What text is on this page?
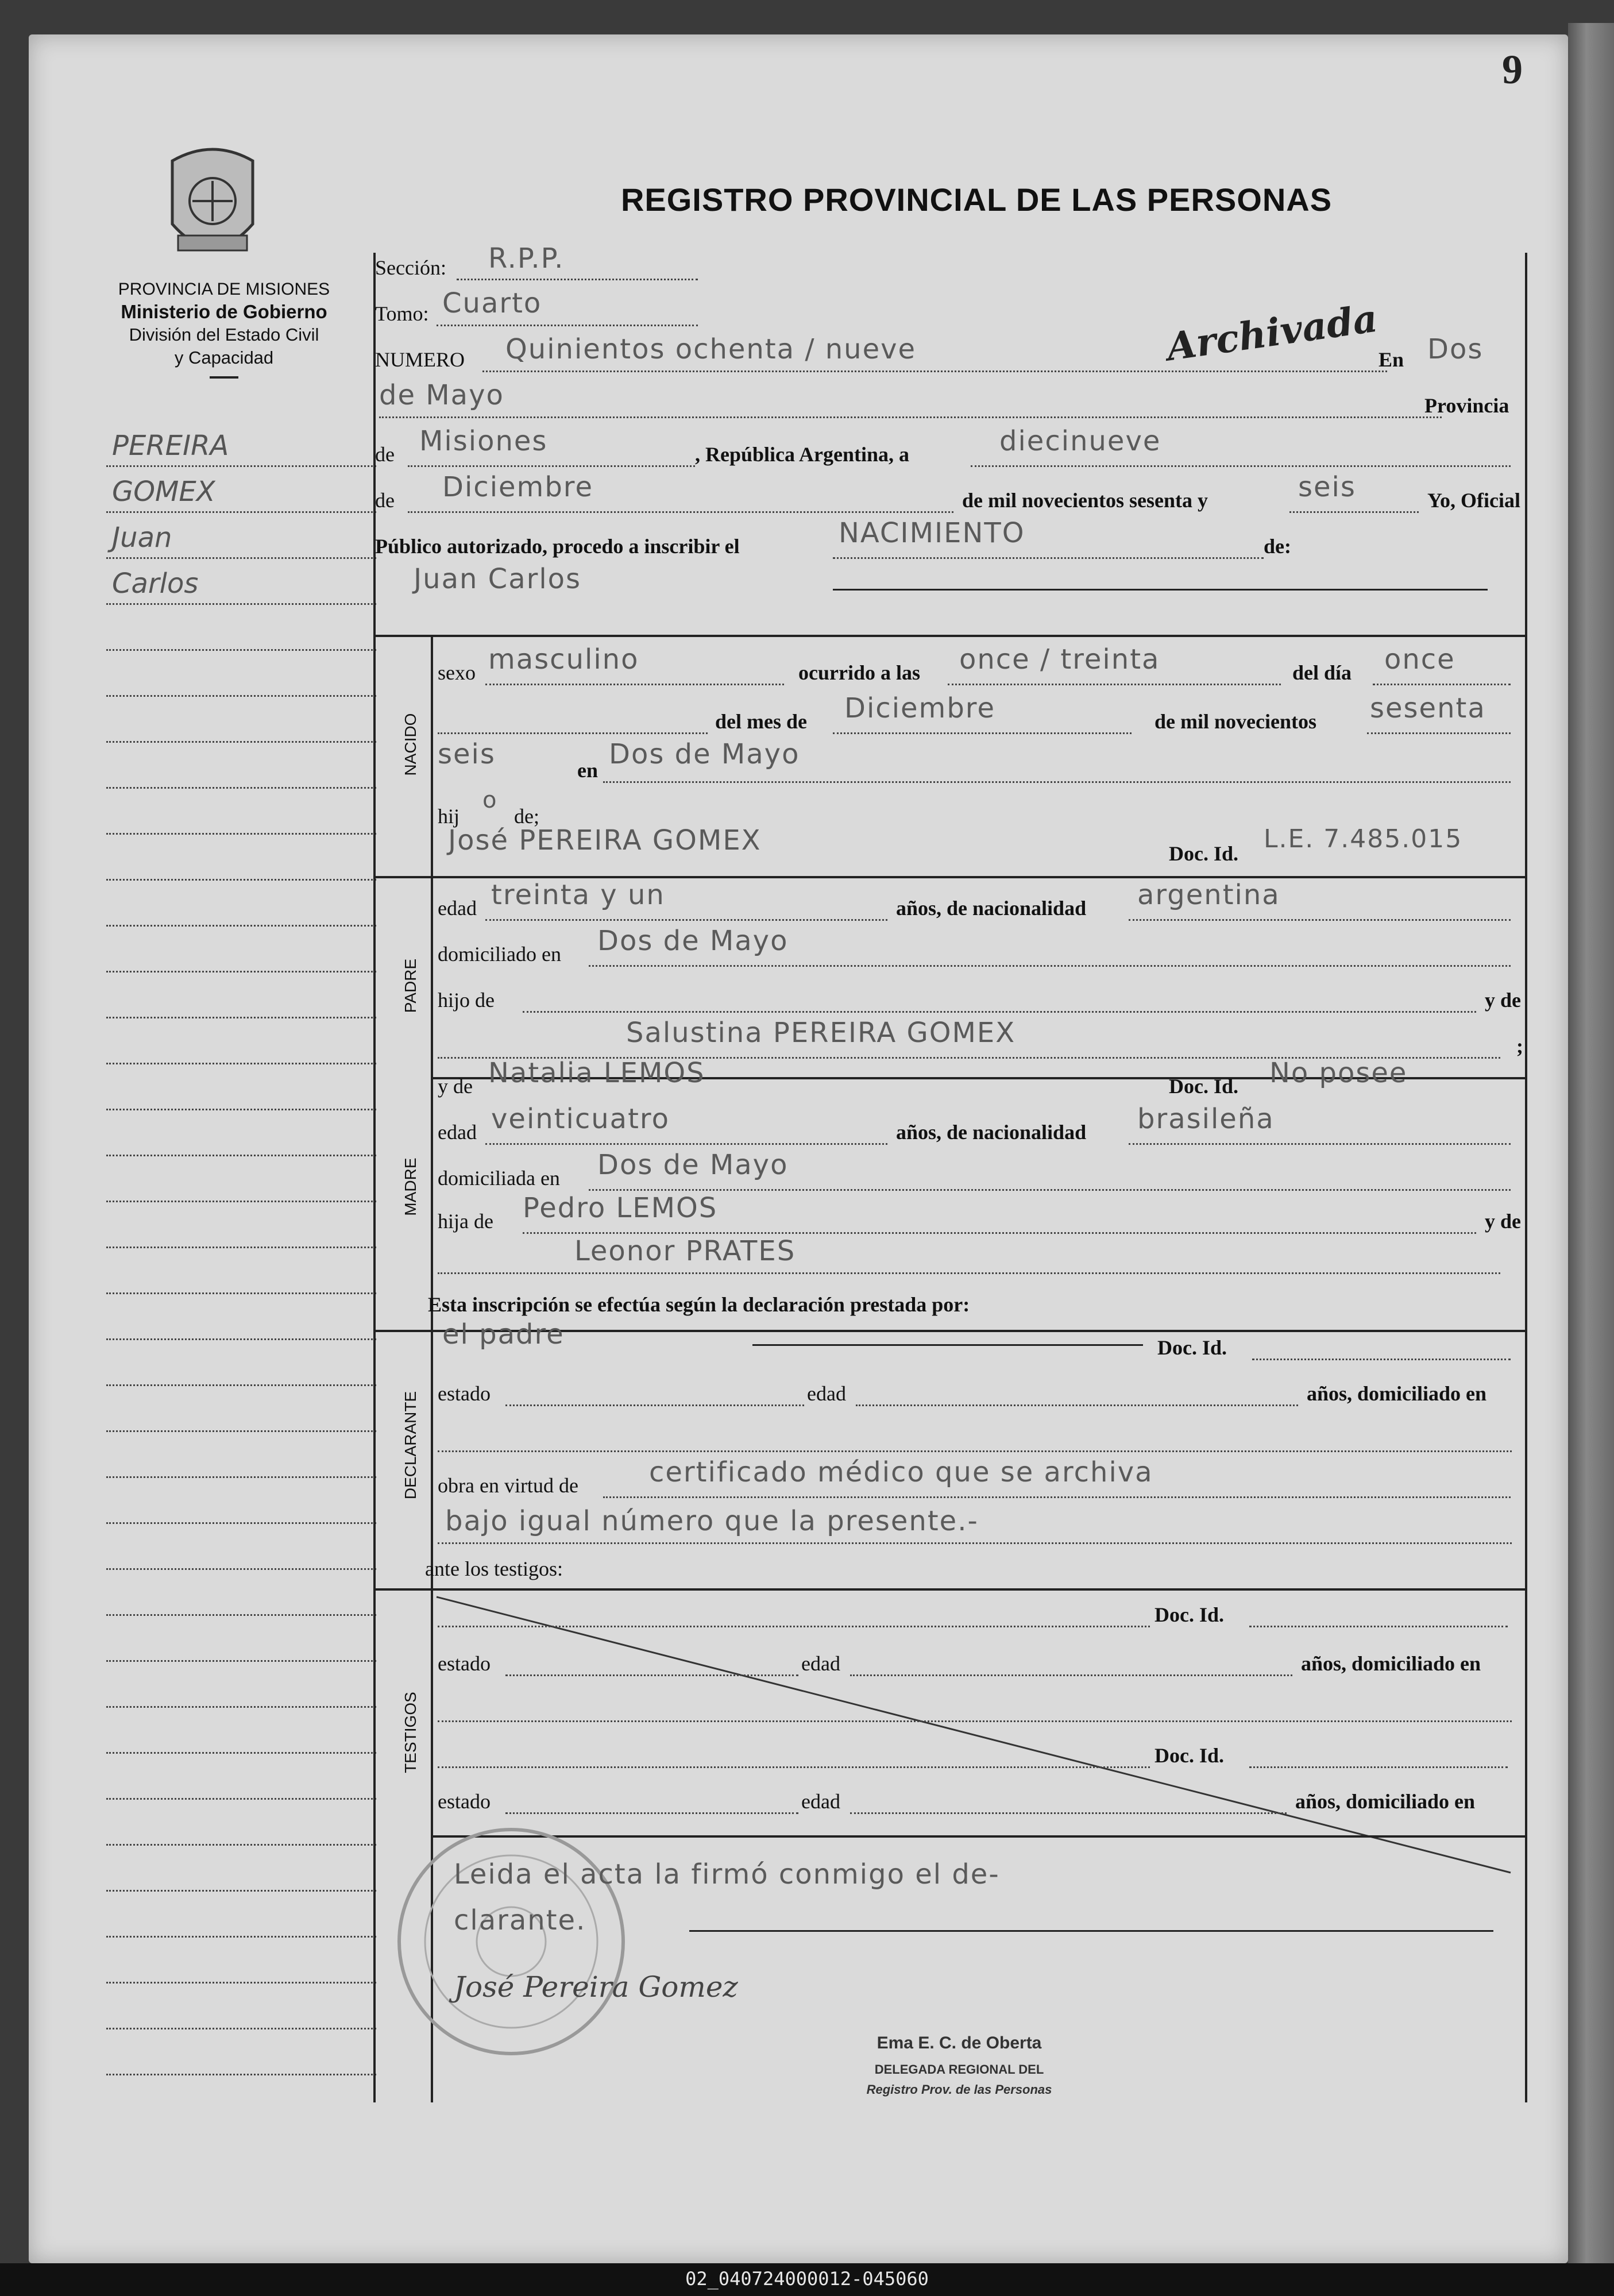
9
PROVINCIA DE MISIONES
Ministerio de Gobierno
División del Estado Civil
y Capacidad
REGISTRO PROVINCIAL DE LAS PERSONAS
PEREIRA
GOMEX
Juan
Carlos
Sección: R.P.P.
Tomo: Cuarto
NUMERO Quinientos ochenta / nueve	Archivada
En Dos
de Mayo	Provincia
de Misiones	, República Argentina, a	diecinueve
de Diciembre	de mil novecientos sesenta y	seis	Yo, Oficial
Público autorizado, procedo a inscribir el	NACIMIENTO	de:
Juan Carlos
NACIDO
sexo masculino	ocurrido a las once / treinta	del día once
del mes de Diciembre	de mil novecientos sesenta
seis	en Dos de Mayo
hij
o
de;
José PEREIRA GOMEX	Doc. Id. L.E. 7.485.015
PADRE
edad treinta y un	años, de nacionalidad argentina
domiciliado en Dos de Mayo
hijo de	y de
Salustina PEREIRA GOMEX	;
MADRE
y de Natalia LEMOS	Doc. Id. No posee
edad veinticuatro	años, de nacionalidad brasileña
domiciliada en Dos de Mayo
hija de Pedro LEMOS	y de
Leonor PRATES
Esta inscripción se efectúa según la declaración prestada por:
DECLARANTE
el padre	Doc. Id.
estado	edad	años, domiciliado en
obra en virtud de	certificado médico que se archiva
bajo igual número que la presente.-
ante los testigos:
TESTIGOS
Doc. Id.
estado	edad	años, domiciliado en
Doc. Id.
estado	edad	años, domiciliado en
Leida el acta la firmó conmigo el de-
clarante.
José Pereira Gomez
Ema E. C. de Oberta
DELEGADA REGIONAL DEL
Registro Prov. de las Personas
02_040724000012-045060
